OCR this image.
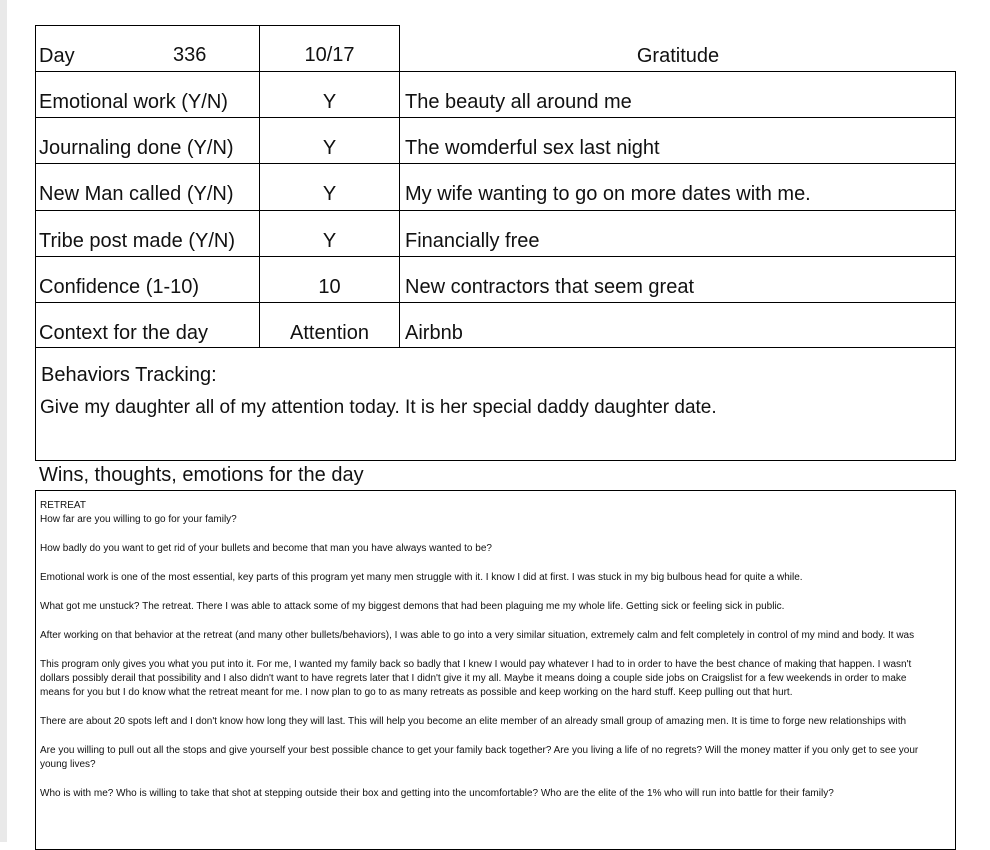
Day	336	10/17	Gratitude
Emotional work (Y/N)	Y	The beauty all around me
Journaling done (Y/N)	Y	The womderful sex last night
New Man called (Y/N)	Y	My wife wanting to go on more dates with me.
Tribe post made (Y/N)	Y	Financially free
Confidence (1-10)	10	New contractors that seem great
Context for the day	Attention	Airbnb
Behaviors Tracking:
Give my daughter all of my attention today. It is her special daddy daughter date.
Wins, thoughts, emotions for the day
RETREAT
How far are you willing to go for your family?
How badly do you want to get rid of your bullets and become that man you have always wanted to be?
Emotional work is one of the most essential, key parts of this program yet many men struggle with it. I know I did at first. I was stuck in my big bulbous head for quite a while.
What got me unstuck? The retreat. There I was able to attack some of my biggest demons that had been plaguing me my whole life. Getting sick or feeling sick in public.
After working on that behavior at the retreat (and many other bullets/behaviors), I was able to go into a very similar situation, extremely calm and felt completely in control of my mind and body. It was
This program only gives you what you put into it. For me, I wanted my family back so badly that I knew I would pay whatever I had to in order to have the best chance of making that happen. I wasn't
dollars possibly derail that possibility and I also didn't want to have regrets later that I didn't give it my all. Maybe it means doing a couple side jobs on Craigslist for a few weekends in order to make
means for you but I do know what the retreat meant for me. I now plan to go to as many retreats as possible and keep working on the hard stuff. Keep pulling out that hurt.
There are about 20 spots left and I don't know how long they will last. This will help you become an elite member of an already small group of amazing men. It is time to forge new relationships with
Are you willing to pull out all the stops and give yourself your best possible chance to get your family back together? Are you living a life of no regrets? Will the money matter if you only get to see your
young lives?
Who is with me? Who is willing to take that shot at stepping outside their box and getting into the uncomfortable? Who are the elite of the 1% who will run into battle for their family?
